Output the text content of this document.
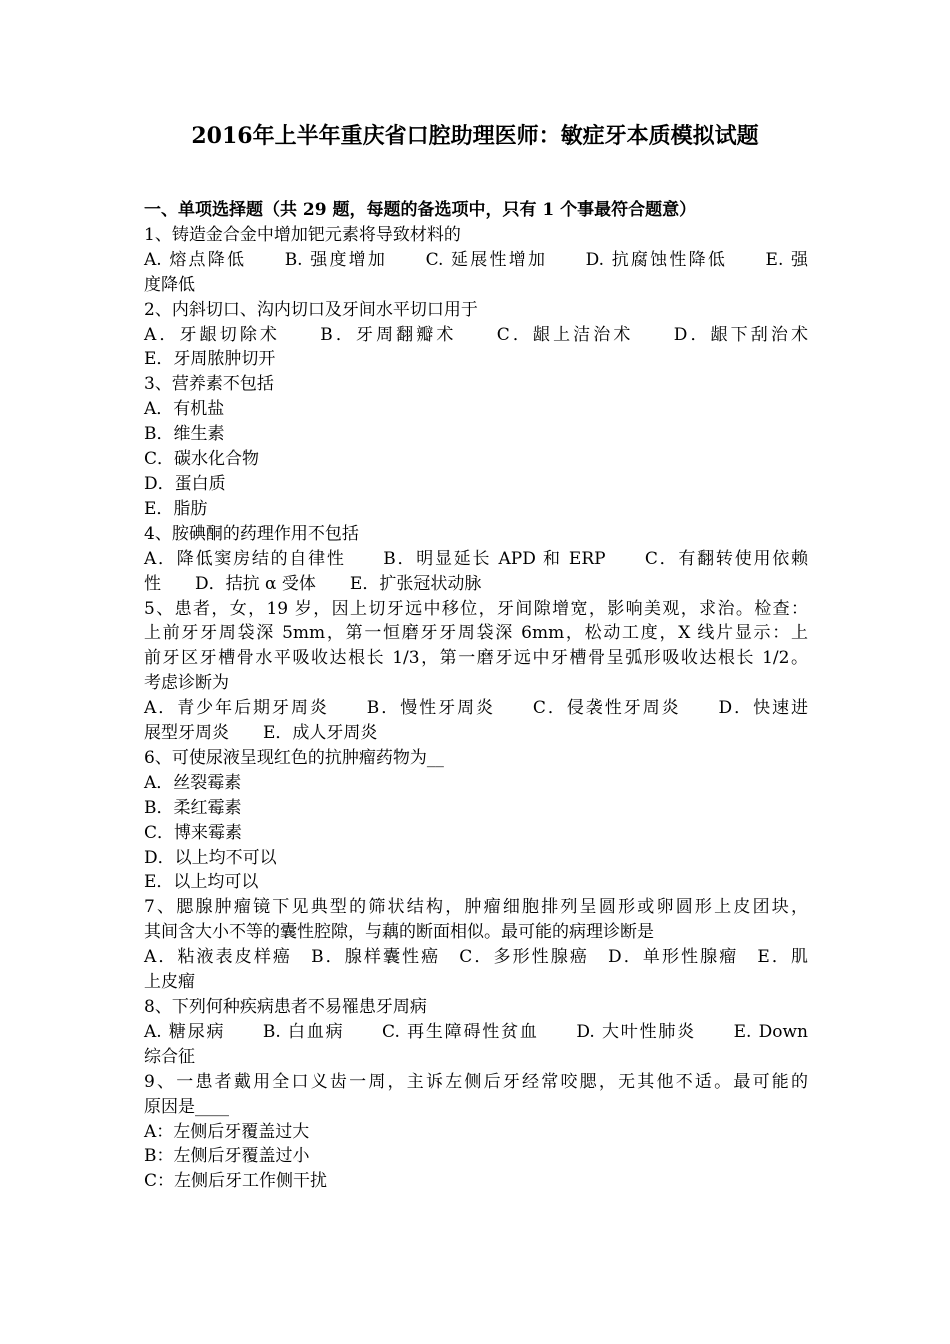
2016年上半年重庆省口腔助理医师：敏症牙本质模拟试题

一、单项选择题（共 29 题，每题的备选项中，只有 1 个事最符合题意）

1、铸造金合金中增加钯元素将导致材料的

A. 熔点降低　　B. 强度增加　　C. 延展性增加　　D. 抗腐蚀性降低　　E. 强

度降低

2、内斜切口、沟内切口及牙间水平切口用于

A．牙龈切除术　　B．牙周翻瓣术　　C．龈上洁治术　　D．龈下刮治术

E．牙周脓肿切开

3、营养素不包括

A．有机盐

B．维生素

C．碳水化合物

D．蛋白质

E．脂肪

4、胺碘酮的药理作用不包括

A．降低窦房结的自律性　　B．明显延长 APD 和 ERP　　C．有翻转使用依赖

性　　D．拮抗 α 受体　　E．扩张冠状动脉

5、患者，女，19 岁，因上切牙远中移位，牙间隙增宽，影响美观，求治。检查：

上前牙牙周袋深 5mm，第一恒磨牙牙周袋深 6mm，松动工度，X 线片显示：上

前牙区牙槽骨水平吸收达根长 1/3，第一磨牙远中牙槽骨呈弧形吸收达根长 1/2。

考虑诊断为

A．青少年后期牙周炎　　B．慢性牙周炎　　C．侵袭性牙周炎　　D．快速进

展型牙周炎　　E．成人牙周炎

6、可使尿液呈现红色的抗肿瘤药物为__

A．丝裂霉素

B．柔红霉素

C．博来霉素

D．以上均不可以

E．以上均可以

7、腮腺肿瘤镜下见典型的筛状结构，肿瘤细胞排列呈圆形或卵圆形上皮团块，

其间含大小不等的囊性腔隙，与藕的断面相似。最可能的病理诊断是

A．粘液表皮样癌　B．腺样囊性癌　C．多形性腺癌　D．单形性腺瘤　E．肌

上皮瘤

8、下列何种疾病患者不易罹患牙周病

A. 糖尿病　　B. 白血病　　C. 再生障碍性贫血　　D. 大叶性肺炎　　E. Down

综合征

9、一患者戴用全口义齿一周，主诉左侧后牙经常咬腮，无其他不适。最可能的

原因是____

A：左侧后牙覆盖过大

B：左侧后牙覆盖过小

C：左侧后牙工作侧干扰
